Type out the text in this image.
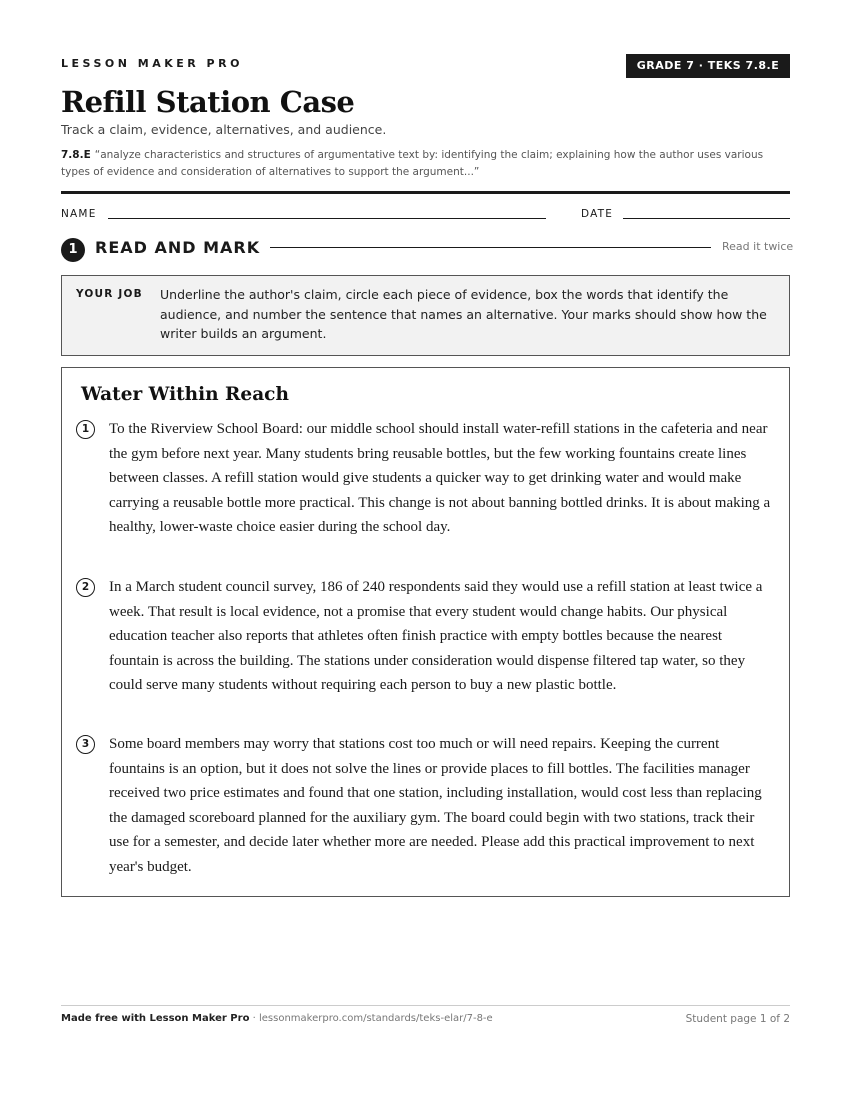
LESSON MAKER PRO	GRADE 7 · TEKS 7.8.E
Refill Station Case
Track a claim, evidence, alternatives, and audience.
7.8.E “analyze characteristics and structures of argumentative text by: identifying the claim; explaining how the author uses various types of evidence and consideration of alternatives to support the argument...”
NAME	DATE
1	READ AND MARK	Read it twice
YOUR JOB Underline the author's claim, circle each piece of evidence, box the words that identify the audience, and number the sentence that names an alternative. Your marks should show how the writer builds an argument.
Water Within Reach
1	To the Riverview School Board: our middle school should install water-refill stations in the cafeteria and near the gym before next year. Many students bring reusable bottles, but the few working fountains create lines between classes. A refill station would give students a quicker way to get drinking water and would make carrying a reusable bottle more practical. This change is not about banning bottled drinks. It is about making a healthy, lower-waste choice easier during the school day.

2	In a March student council survey, 186 of 240 respondents said they would use a refill station at least twice a week. That result is local evidence, not a promise that every student would change habits. Our physical education teacher also reports that athletes often finish practice with empty bottles because the nearest fountain is across the building. The stations under consideration would dispense filtered tap water, so they could serve many students without requiring each person to buy a new plastic bottle.

3	Some board members may worry that stations cost too much or will need repairs. Keeping the current fountains is an option, but it does not solve the lines or provide places to fill bottles. The facilities manager received two price estimates and found that one station, including installation, would cost less than replacing the damaged scoreboard planned for the auxiliary gym. The board could begin with two stations, track their use for a semester, and decide later whether more are needed. Please add this practical improvement to next year's budget.

Made free with Lesson Maker Pro · lessonmakerpro.com/standards/teks-elar/7-8-e	Student page 1 of 2
